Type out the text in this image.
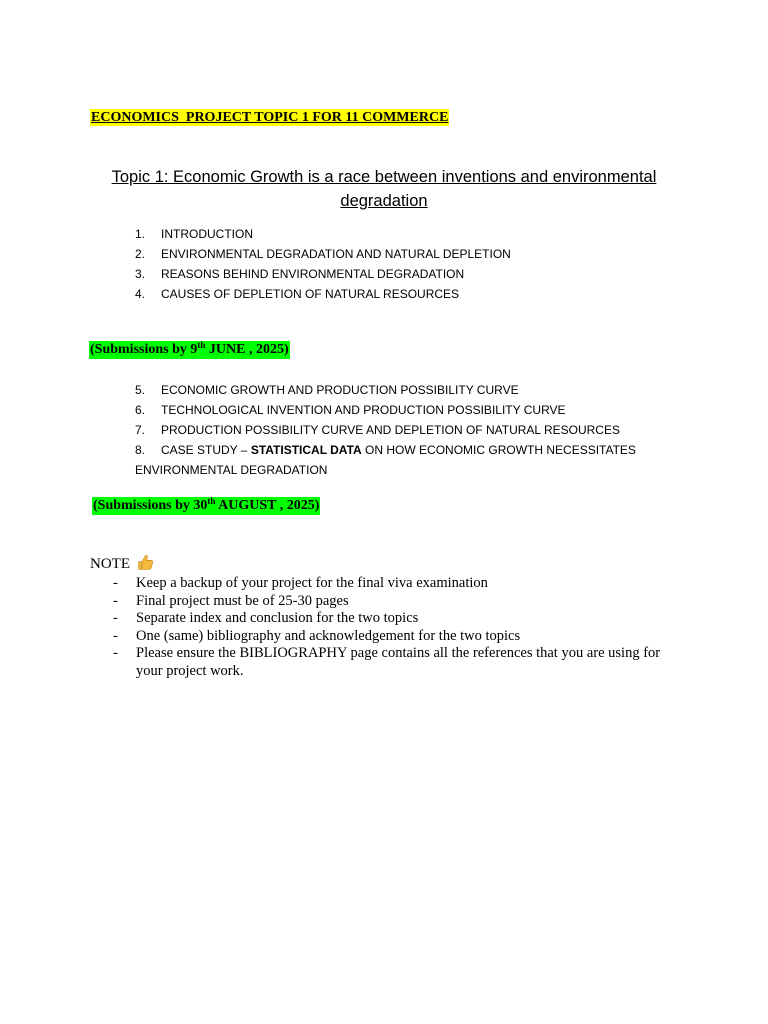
ECONOMICS  PROJECT TOPIC 1 FOR 11 COMMERCE
Topic 1: Economic Growth is a race between inventions and environmental degradation
1. INTRODUCTION
2. ENVIRONMENTAL DEGRADATION AND NATURAL DEPLETION
3. REASONS BEHIND ENVIRONMENTAL DEGRADATION
4. CAUSES OF DEPLETION OF NATURAL RESOURCES
(Submissions by 9th JUNE , 2025)
5. ECONOMIC GROWTH AND PRODUCTION POSSIBILITY CURVE
6. TECHNOLOGICAL INVENTION AND PRODUCTION POSSIBILITY CURVE
7. PRODUCTION POSSIBILITY CURVE AND DEPLETION OF NATURAL RESOURCES
8. CASE STUDY – STATISTICAL DATA ON HOW ECONOMIC GROWTH NECESSITATES ENVIRONMENTAL DEGRADATION
(Submissions by 30th AUGUST , 2025)
NOTE
- Keep a backup of your project for the final viva examination
- Final project must be of 25-30 pages
- Separate index and conclusion for the two topics
- One (same) bibliography and acknowledgement for the two topics
- Please ensure the BIBLIOGRAPHY page contains all the references that you are using for your project work.
